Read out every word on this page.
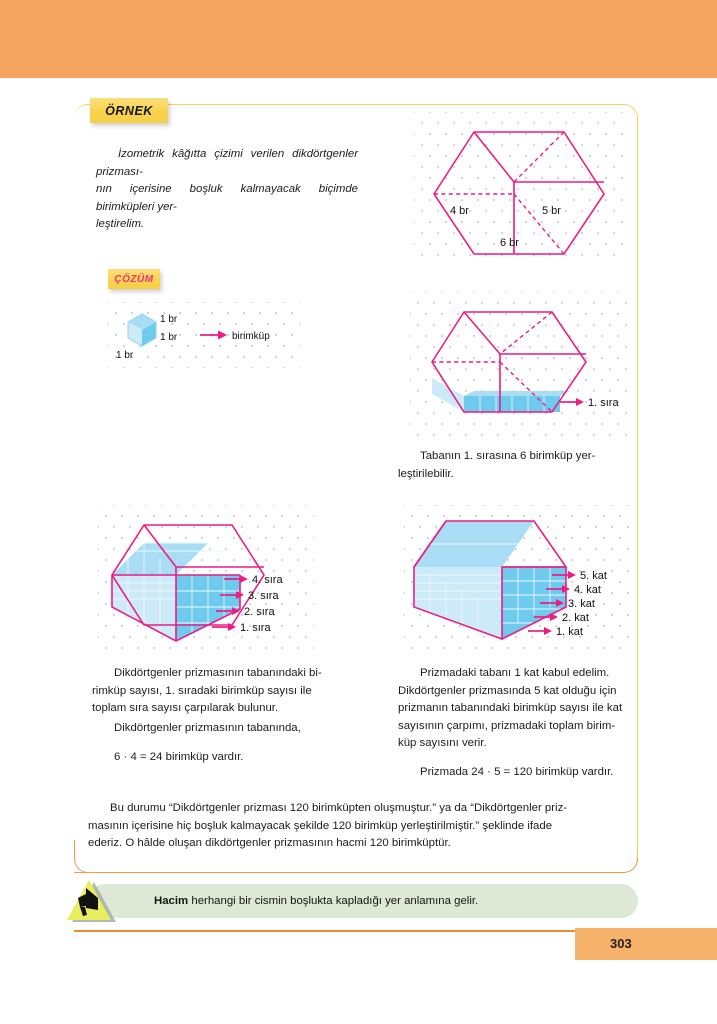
ÖRNEK
İzometrik kâğıtta çizimi verilen dikdörtgenler prizması-
nın içerisine boşluk kalmayacak biçimde birimküpleri yer-
leştirelim.
4 br	5 br
6 br
ÇÖZÜM
1 br
1 br
1 br
birimküp
1. sıra
Tabanın 1. sırasına 6 birimküp yer-
leştirilebilir.
4. sıra
3. sıra
2. sıra
1. sıra
5. kat
4. kat
3. kat
2. kat
1. kat
Dikdörtgenler prizmasının tabanındaki bi-
rimküp sayısı, 1. sıradaki birimküp sayısı ile
toplam sıra sayısı çarpılarak bulunur.
Dikdörtgenler prizmasının tabanında,
6 · 4 = 24 birimküp vardır.
Prizmadaki tabanı 1 kat kabul edelim.
Dikdörtgenler prizmasında 5 kat olduğu için
prizmanın tabanındaki birimküp sayısı ile kat
sayısının çarpımı, prizmadaki toplam birim-
küp sayısını verir.
Prizmada 24 · 5 = 120 birimküp vardır.
Bu durumu “Dikdörtgenler prizması 120 birimküpten oluşmuştur.” ya da “Dikdörtgenler priz-
masının içerisine hiç boşluk kalmayacak şekilde 120 birimküp yerleştirilmiştir.” şeklinde ifade
ederiz. O hâlde oluşan dikdörtgenler prizmasının hacmi 120 birimküptür.
Hacim herhangi bir cismin boşlukta kapladığı yer anlamına gelir.
303
